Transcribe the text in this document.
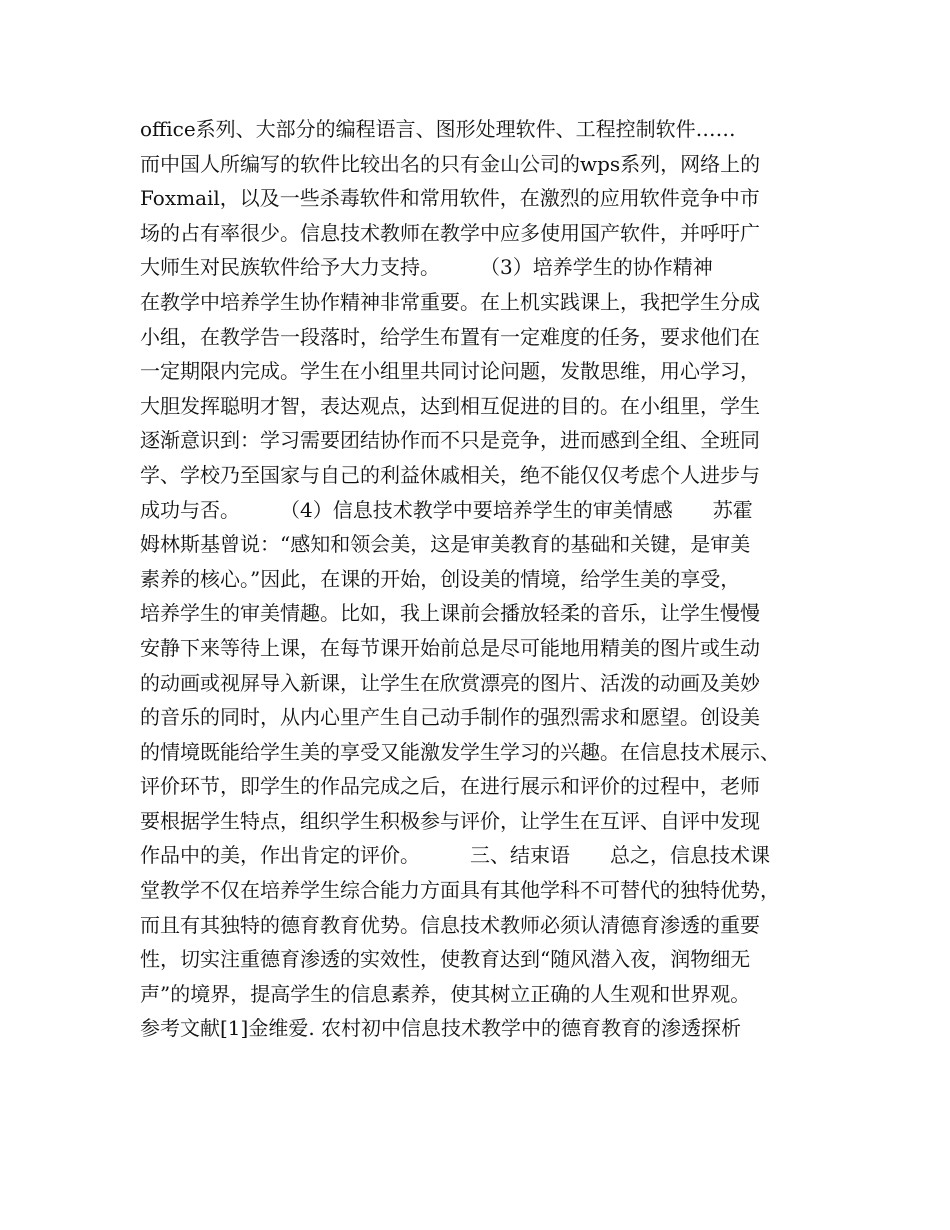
office系列、大部分的编程语言、图形处理软件、工程控制软件……

而中国人所编写的软件比较出名的只有金山公司的wps系列，网络上的

Foxmail，以及一些杀毒软件和常用软件，在激烈的应用软件竞争中市

场的占有率很少。信息技术教师在教学中应多使用国产软件，并呼吁广

大师生对民族软件给予大力支持。　　　（3）培养学生的协作精神

在教学中培养学生协作精神非常重要。在上机实践课上，我把学生分成

小组，在教学告一段落时，给学生布置有一定难度的任务，要求他们在

一定期限内完成。学生在小组里共同讨论问题，发散思维，用心学习，

大胆发挥聪明才智，表达观点，达到相互促进的目的。在小组里，学生

逐渐意识到：学习需要团结协作而不只是竞争，进而感到全组、全班同

学、学校乃至国家与自己的利益休戚相关，绝不能仅仅考虑个人进步与

成功与否。　　　（4）信息技术教学中要培养学生的审美情感　　苏霍

姆林斯基曾说：“感知和领会美，这是审美教育的基础和关键，是审美

素养的核心。”因此，在课的开始，创设美的情境，给学生美的享受，

培养学生的审美情趣。比如，我上课前会播放轻柔的音乐，让学生慢慢

安静下来等待上课，在每节课开始前总是尽可能地用精美的图片或生动

的动画或视屏导入新课，让学生在欣赏漂亮的图片、活泼的动画及美妙

的音乐的同时，从内心里产生自己动手制作的强烈需求和愿望。创设美

的情境既能给学生美的享受又能激发学生学习的兴趣。在信息技术展示、

评价环节，即学生的作品完成之后，在进行展示和评价的过程中，老师

要根据学生特点，组织学生积极参与评价，让学生在互评、自评中发现

作品中的美，作出肯定的评价。　　　三、结束语　　总之，信息技术课

堂教学不仅在培养学生综合能力方面具有其他学科不可替代的独特优势，

而且有其独特的德育教育优势。信息技术教师必须认清德育渗透的重要

性，切实注重德育渗透的实效性，使教育达到“随风潜入夜，润物细无

声”的境界，提高学生的信息素养，使其树立正确的人生观和世界观。

参考文献[1]金维爱. 农村初中信息技术教学中的德育教育的渗透探析
